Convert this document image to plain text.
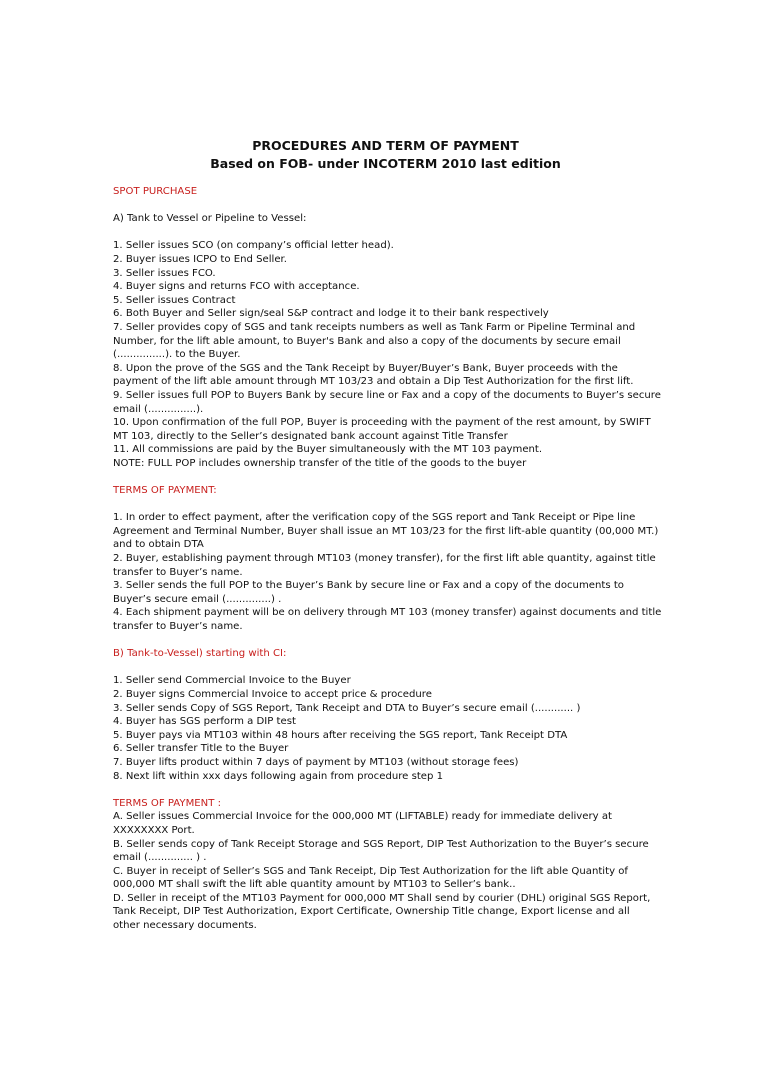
PROCEDURES AND TERM OF PAYMENT
Based on FOB- under INCOTERM 2010 last edition

SPOT PURCHASE

A) Tank to Vessel or Pipeline to Vessel:

1. Seller issues SCO (on company’s official letter head).

2. Buyer issues ICPO to End Seller.

3. Seller issues FCO.

4. Buyer signs and returns FCO with acceptance.

5. Seller issues Contract

6. Both Buyer and Seller sign/seal S&P contract and lodge it to their bank respectively

7. Seller provides copy of SGS and tank receipts numbers as well as Tank Farm or Pipeline Terminal and

Number, for the lift able amount, to Buyer's Bank and also a copy of the documents by secure email

(...............). to the Buyer.

8. Upon the prove of the SGS and the Tank Receipt by Buyer/Buyer’s Bank, Buyer proceeds with the

payment of the lift able amount through MT 103/23 and obtain a Dip Test Authorization for the first lift.

9. Seller issues full POP to Buyers Bank by secure line or Fax and a copy of the documents to Buyer’s secure

email (...............).

10. Upon confirmation of the full POP, Buyer is proceeding with the payment of the rest amount, by SWIFT

MT 103, directly to the Seller’s designated bank account against Title Transfer

11. All commissions are paid by the Buyer simultaneously with the MT 103 payment.

NOTE: FULL POP includes ownership transfer of the title of the goods to the buyer

TERMS OF PAYMENT:

1. In order to effect payment, after the verification copy of the SGS report and Tank Receipt or Pipe line

Agreement and Terminal Number, Buyer shall issue an MT 103/23 for the first lift-able quantity (00,000 MT.)

and to obtain DTA

2. Buyer, establishing payment through MT103 (money transfer), for the first lift able quantity, against title

transfer to Buyer’s name.

3. Seller sends the full POP to the Buyer’s Bank by secure line or Fax and a copy of the documents to

Buyer’s secure email (..............) .

4. Each shipment payment will be on delivery through MT 103 (money transfer) against documents and title

transfer to Buyer’s name.

B) Tank-to-Vessel) starting with CI:

1. Seller send Commercial Invoice to the Buyer

2. Buyer signs Commercial Invoice to accept price & procedure

3. Seller sends Copy of SGS Report, Tank Receipt and DTA to Buyer’s secure email (............ )

4. Buyer has SGS perform a DIP test

5. Buyer pays via MT103 within 48 hours after receiving the SGS report, Tank Receipt DTA

6. Seller transfer Title to the Buyer

7. Buyer lifts product within 7 days of payment by MT103 (without storage fees)

8. Next lift within xxx days following again from procedure step 1

TERMS OF PAYMENT :

A. Seller issues Commercial Invoice for the 000,000 MT (LIFTABLE) ready for immediate delivery at

XXXXXXXX Port.

B. Seller sends copy of Tank Receipt Storage and SGS Report, DIP Test Authorization to the Buyer’s secure

email (.............. ) .

C. Buyer in receipt of Seller’s SGS and Tank Receipt, Dip Test Authorization for the lift able Quantity of

000,000 MT shall swift the lift able quantity amount by MT103 to Seller’s bank..

D. Seller in receipt of the MT103 Payment for 000,000 MT Shall send by courier (DHL) original SGS Report,

Tank Receipt, DIP Test Authorization, Export Certificate, Ownership Title change, Export license and all

other necessary documents.
